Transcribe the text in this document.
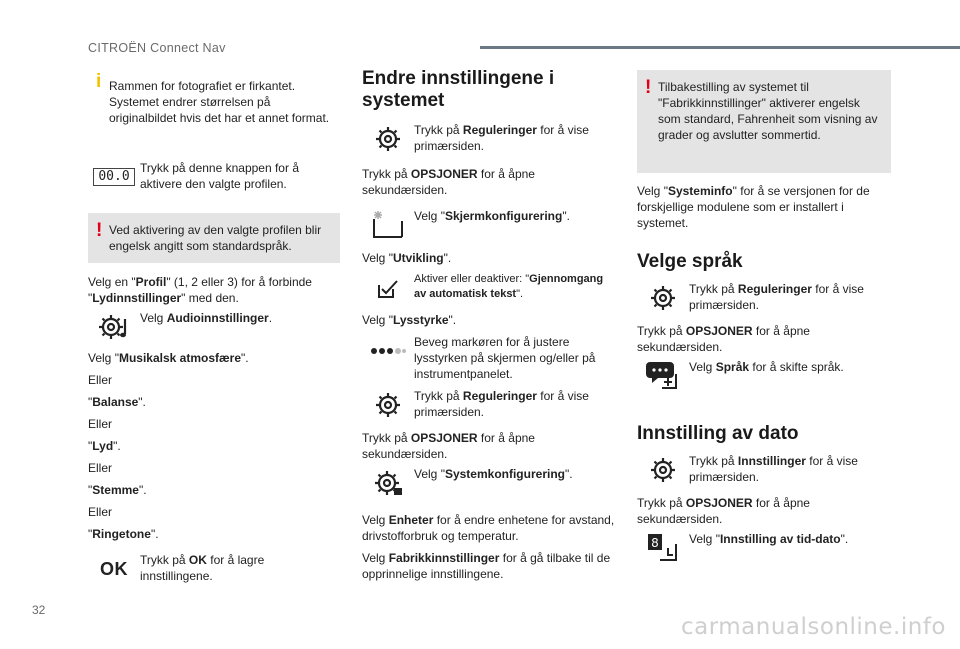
CITROËN Connect Nav
i Rammen for fotografiet er firkantet. Systemet endrer størrelsen på originalbildet hvis det har et annet format.
00.0
Trykk på denne knappen for å aktivere den valgte profilen.
! Ved aktivering av den valgte profilen blir engelsk angitt som standardspråk.

Velg en "Profil" (1, 2 eller 3) for å forbinde "Lydinnstillinger" med den.

Velg Audioinnstillinger.

Velg "Musikalsk atmosfære".

Eller

"Balanse".

Eller

"Lyd".

Eller

"Stemme".

Eller

"Ringetone".

OK Trykk på OK for å lagre innstillingene.
Endre innstillingene i systemet
Trykk på Reguleringer for å vise primærsiden.

Trykk på OPSJONER for å åpne sekundærsiden.

Velg "Skjermkonfigurering".

Velg "Utvikling".

Aktiver eller deaktiver: "Gjennomgang av automatisk tekst".

Velg "Lysstyrke".

Beveg markøren for å justere lysstyrken på skjermen og/eller på instrumentpanelet.
Trykk på Reguleringer for å vise primærsiden.

Trykk på OPSJONER for å åpne sekundærsiden.

Velg "Systemkonfigurering".

Velg Enheter for å endre enhetene for avstand, drivstofforbruk og temperatur.

Velg Fabrikkinnstillinger for å gå tilbake til de opprinnelige innstillingene.

! Tilbakestilling av systemet til "Fabrikkinnstillinger" aktiverer engelsk som standard, Fahrenheit som visning av grader og avslutter sommertid.

Velg "Systeminfo" for å se versjonen for de forskjellige modulene som er installert i systemet.

Velge språk
Trykk på Reguleringer for å vise primærsiden.

Trykk på OPSJONER for å åpne sekundærsiden.

Velg Språk for å skifte språk.
Innstilling av dato
Trykk på Innstillinger for å vise primærsiden.

Trykk på OPSJONER for å åpne sekundærsiden.

8	Velg "Innstilling av tid-dato".
32
carmanualsonline.info
